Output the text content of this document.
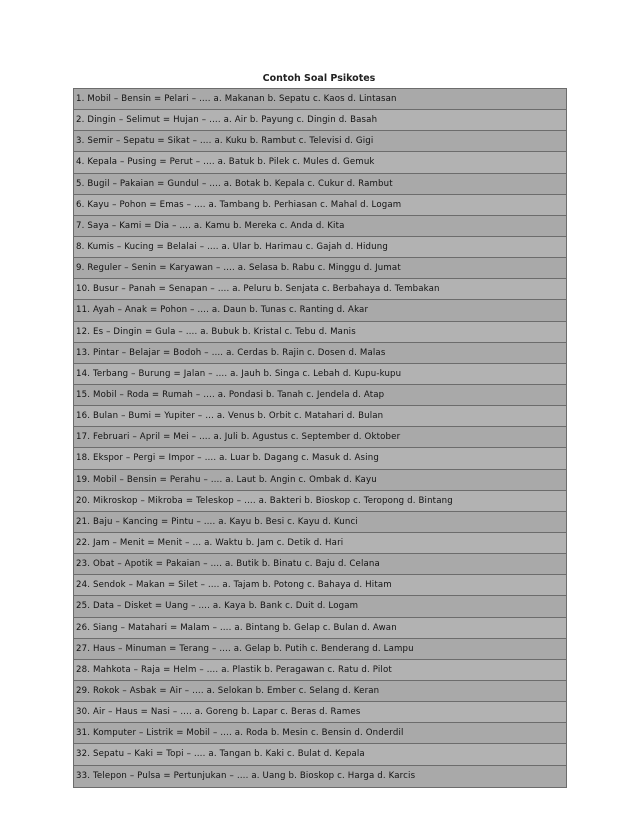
Contoh Soal Psikotes
1. Mobil – Bensin = Pelari – …. a. Makanan b. Sepatu c. Kaos d. Lintasan
2. Dingin – Selimut = Hujan – …. a. Air b. Payung c. Dingin d. Basah
3. Semir – Sepatu = Sikat – …. a. Kuku b. Rambut c. Televisi d. Gigi
4. Kepala – Pusing = Perut – …. a. Batuk b. Pilek c. Mules d. Gemuk
5. Bugil – Pakaian = Gundul – …. a. Botak b. Kepala c. Cukur d. Rambut
6. Kayu – Pohon = Emas – …. a. Tambang b. Perhiasan c. Mahal d. Logam
7. Saya – Kami = Dia – …. a. Kamu b. Mereka c. Anda d. Kita
8. Kumis – Kucing = Belalai – …. a. Ular b. Harimau c. Gajah d. Hidung
9. Reguler – Senin = Karyawan – …. a. Selasa b. Rabu c. Minggu d. Jumat
10. Busur – Panah = Senapan – …. a. Peluru b. Senjata c. Berbahaya d. Tembakan
11. Ayah – Anak = Pohon – …. a. Daun b. Tunas c. Ranting d. Akar
12. Es – Dingin = Gula – …. a. Bubuk b. Kristal c. Tebu d. Manis
13. Pintar – Belajar = Bodoh – …. a. Cerdas b. Rajin c. Dosen d. Malas
14. Terbang – Burung = Jalan – …. a. Jauh b. Singa c. Lebah d. Kupu-kupu
15. Mobil – Roda = Rumah – …. a. Pondasi b. Tanah c. Jendela d. Atap
16. Bulan – Bumi = Yupiter – … a. Venus b. Orbit c. Matahari d. Bulan
17. Februari – April = Mei – …. a. Juli b. Agustus c. September d. Oktober
18. Ekspor – Pergi = Impor – …. a. Luar b. Dagang c. Masuk d. Asing
19. Mobil – Bensin = Perahu – …. a. Laut b. Angin c. Ombak d. Kayu
20. Mikroskop – Mikroba = Teleskop – …. a. Bakteri b. Bioskop c. Teropong d. Bintang
21. Baju – Kancing = Pintu – …. a. Kayu b. Besi c. Kayu d. Kunci
22. Jam – Menit = Menit – … a. Waktu b. Jam c. Detik d. Hari
23. Obat – Apotik = Pakaian – …. a. Butik b. Binatu c. Baju d. Celana
24. Sendok – Makan = Silet – …. a. Tajam b. Potong c. Bahaya d. Hitam
25. Data – Disket = Uang – …. a. Kaya b. Bank c. Duit d. Logam
26. Siang – Matahari = Malam – …. a. Bintang b. Gelap c. Bulan d. Awan
27. Haus – Minuman = Terang – …. a. Gelap b. Putih c. Benderang d. Lampu
28. Mahkota – Raja = Helm – …. a. Plastik b. Peragawan c. Ratu d. Pilot
29. Rokok – Asbak = Air – …. a. Selokan b. Ember c. Selang d. Keran
30. Air – Haus = Nasi – …. a. Goreng b. Lapar c. Beras d. Rames
31. Komputer – Listrik = Mobil – …. a. Roda b. Mesin c. Bensin d. Onderdil
32. Sepatu – Kaki = Topi – …. a. Tangan b. Kaki c. Bulat d. Kepala
33. Telepon – Pulsa = Pertunjukan – …. a. Uang b. Bioskop c. Harga d. Karcis
